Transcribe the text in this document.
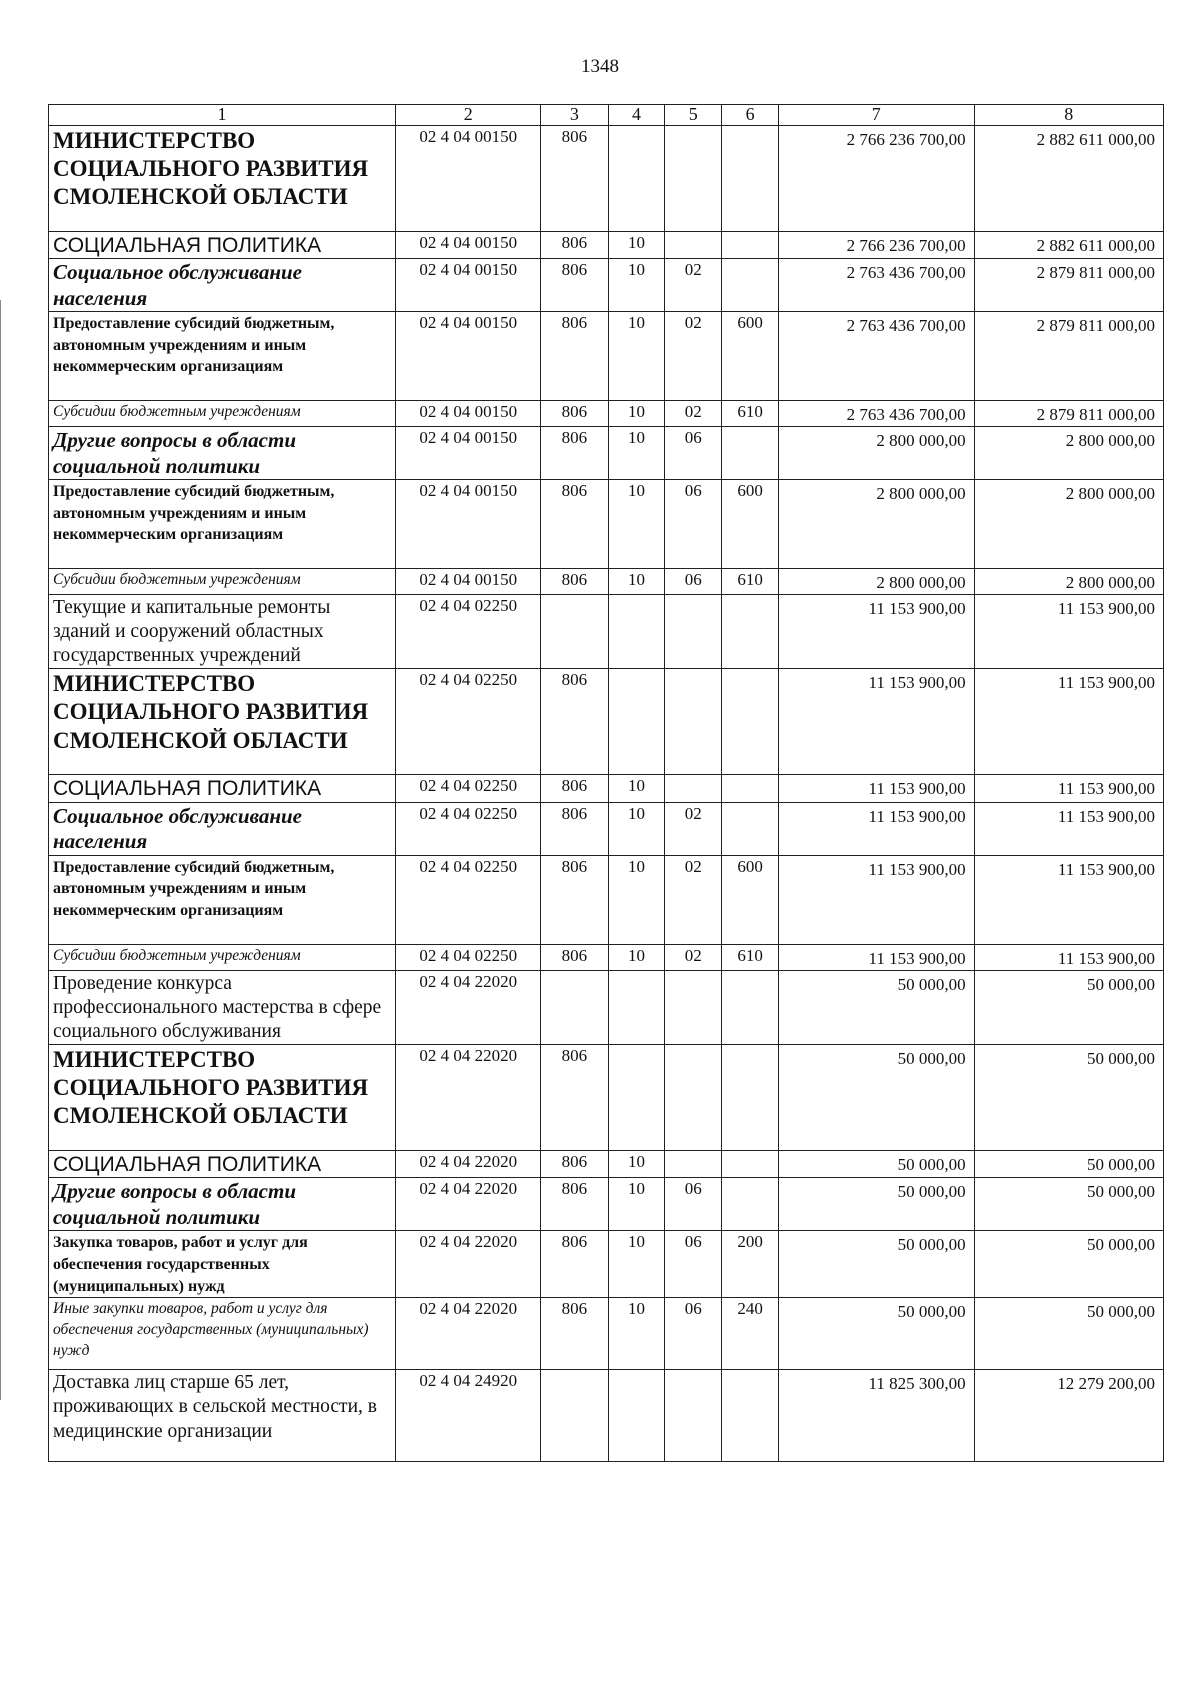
1348
1	2	3	4	5	6	7	8
МИНИСТЕРСТВО СОЦИАЛЬНОГО РАЗВИТИЯ СМОЛЕНСКОЙ ОБЛАСТИ	02 4 04 00150	806				2 766 236 700,00	2 882 611 000,00
СОЦИАЛЬНАЯ ПОЛИТИКА	02 4 04 00150	806	10			2 766 236 700,00	2 882 611 000,00
Социальное обслуживание населения	02 4 04 00150	806	10	02		2 763 436 700,00	2 879 811 000,00
Предоставление субсидий бюджетным, автономным учреждениям и иным некоммерческим организациям	02 4 04 00150	806	10	02	600	2 763 436 700,00	2 879 811 000,00
Субсидии бюджетным учреждениям	02 4 04 00150	806	10	02	610	2 763 436 700,00	2 879 811 000,00
Другие вопросы в области социальной политики	02 4 04 00150	806	10	06		2 800 000,00	2 800 000,00
Предоставление субсидий бюджетным, автономным учреждениям и иным некоммерческим организациям	02 4 04 00150	806	10	06	600	2 800 000,00	2 800 000,00
Субсидии бюджетным учреждениям	02 4 04 00150	806	10	06	610	2 800 000,00	2 800 000,00
Текущие и капитальные ремонты зданий и сооружений областных государственных учреждений	02 4 04 02250					11 153 900,00	11 153 900,00
МИНИСТЕРСТВО СОЦИАЛЬНОГО РАЗВИТИЯ СМОЛЕНСКОЙ ОБЛАСТИ	02 4 04 02250	806				11 153 900,00	11 153 900,00
СОЦИАЛЬНАЯ ПОЛИТИКА	02 4 04 02250	806	10			11 153 900,00	11 153 900,00
Социальное обслуживание населения	02 4 04 02250	806	10	02		11 153 900,00	11 153 900,00
Предоставление субсидий бюджетным, автономным учреждениям и иным некоммерческим организациям	02 4 04 02250	806	10	02	600	11 153 900,00	11 153 900,00
Субсидии бюджетным учреждениям	02 4 04 02250	806	10	02	610	11 153 900,00	11 153 900,00
Проведение конкурса профессионального мастерства в сфере социального обслуживания	02 4 04 22020					50 000,00	50 000,00
МИНИСТЕРСТВО СОЦИАЛЬНОГО РАЗВИТИЯ СМОЛЕНСКОЙ ОБЛАСТИ	02 4 04 22020	806				50 000,00	50 000,00
СОЦИАЛЬНАЯ ПОЛИТИКА	02 4 04 22020	806	10			50 000,00	50 000,00
Другие вопросы в области социальной политики	02 4 04 22020	806	10	06		50 000,00	50 000,00
Закупка товаров, работ и услуг для обеспечения государственных (муниципальных) нужд	02 4 04 22020	806	10	06	200	50 000,00	50 000,00
Иные закупки товаров, работ и услуг для обеспечения государственных (муниципальных) нужд	02 4 04 22020	806	10	06	240	50 000,00	50 000,00
Доставка лиц старше 65 лет, проживающих в сельской местности, в медицинские организации	02 4 04 24920					11 825 300,00	12 279 200,00
